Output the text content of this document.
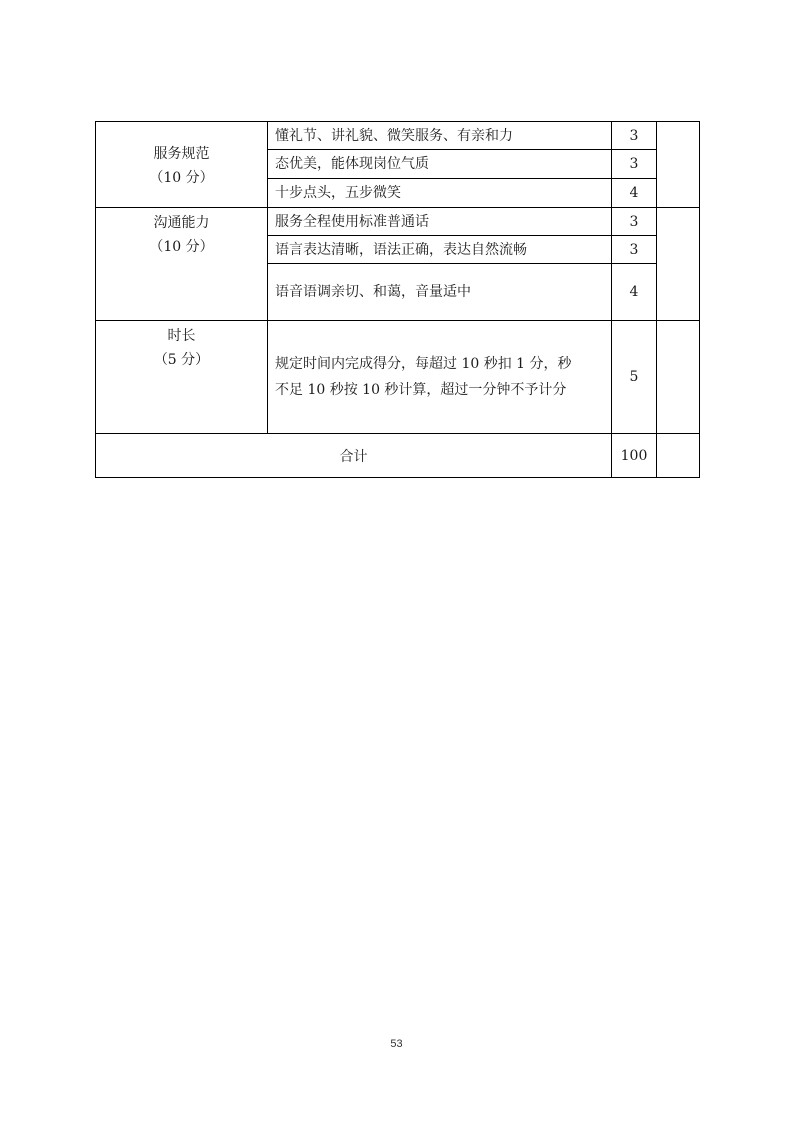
服务规范
（10 分）	懂礼节、讲礼貌、微笑服务、有亲和力	3	
	态优美，能体现岗位气质	3	
	十步点头，五步微笑	4	

沟通能力
（10 分）	服务全程使用标准普通话	3	
	语言表达清晰，语法正确，表达自然流畅	3	
	语音语调亲切、和蔼，音量适中	4	

时长
（5 分）	规定时间内完成得分，每超过 10 秒扣 1 分，秒
不足 10 秒按 10 秒计算，超过一分钟不予计分	5	
合计		100	
53
